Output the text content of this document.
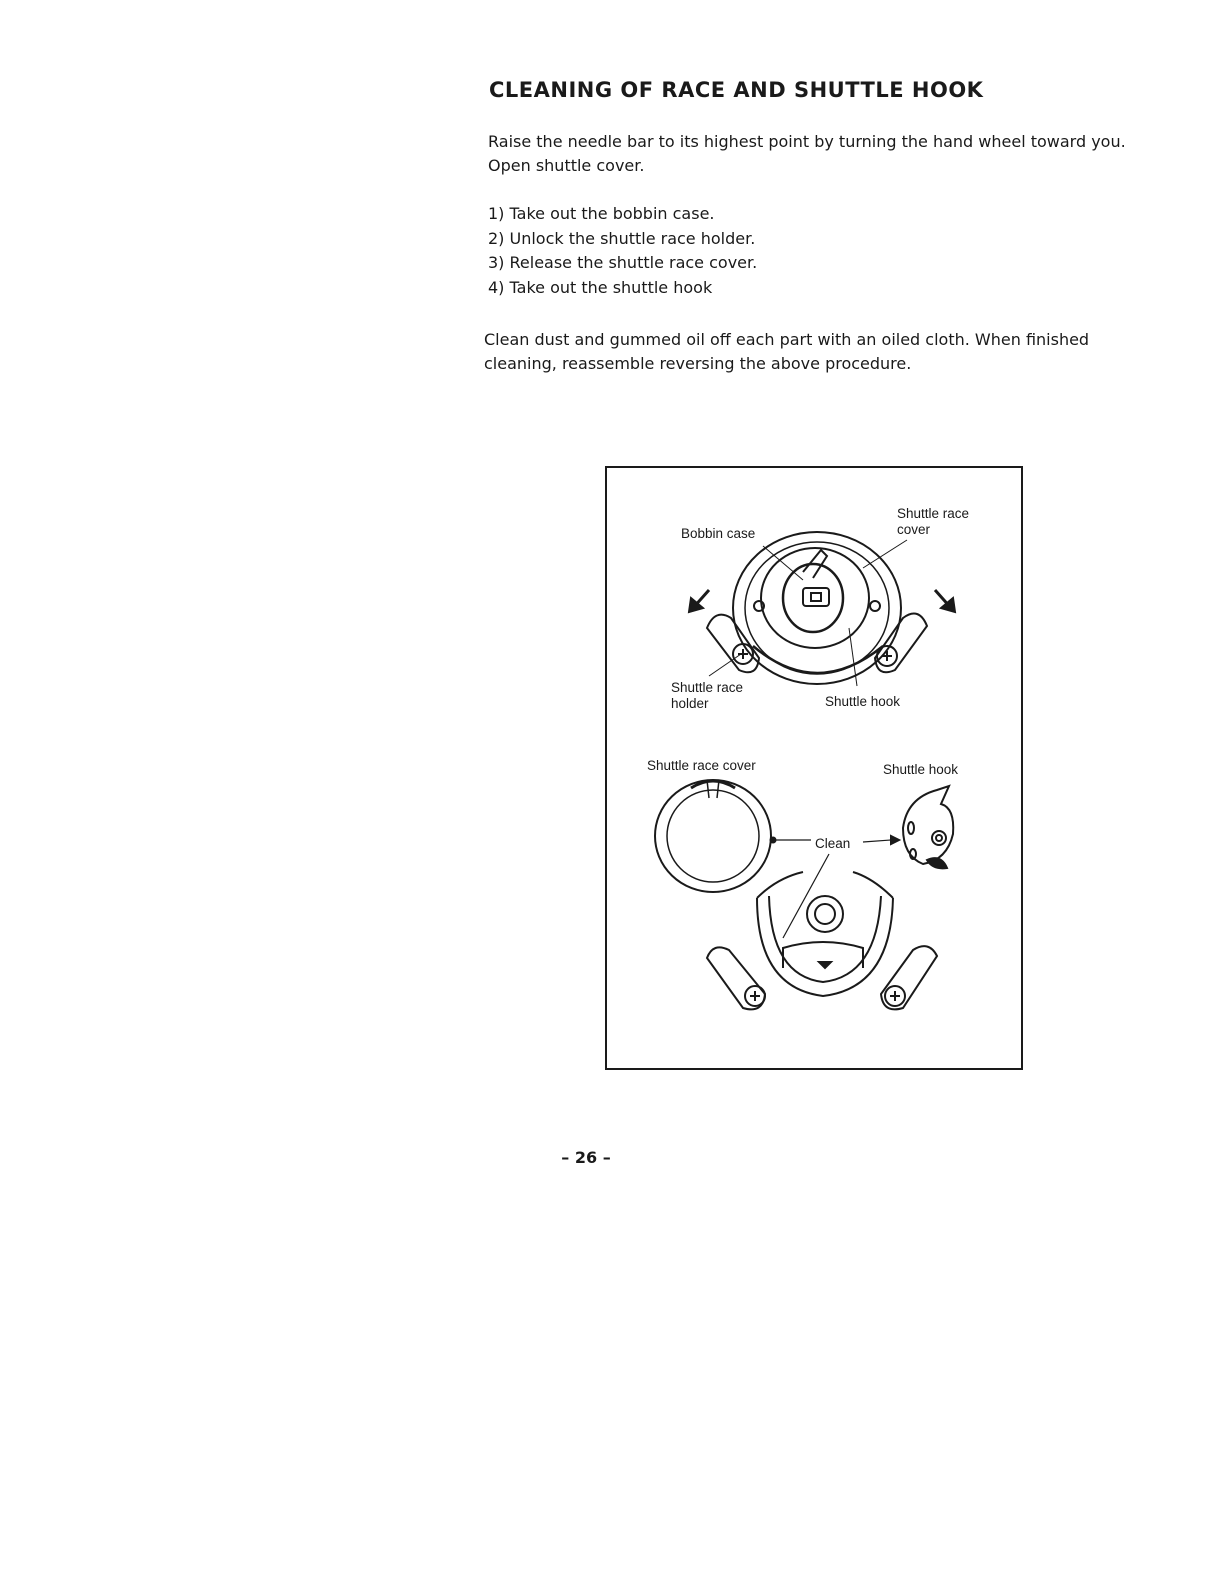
CLEANING OF RACE AND SHUTTLE HOOK
Raise the needle bar to its highest point by turning the hand wheel toward you.
Open shuttle cover.
1) Take out the bobbin case.
2) Unlock the shuttle race holder.
3) Release the shuttle race cover.
4) Take out the shuttle hook
Clean dust and gummed oil off each part with an oiled cloth. When finished
cleaning, reassemble reversing the above procedure.
Bobbin case
Shuttle race
cover
Shuttle race
holder	Shuttle hook
Shuttle race cover	Shuttle hook
Clean
– 26 –
